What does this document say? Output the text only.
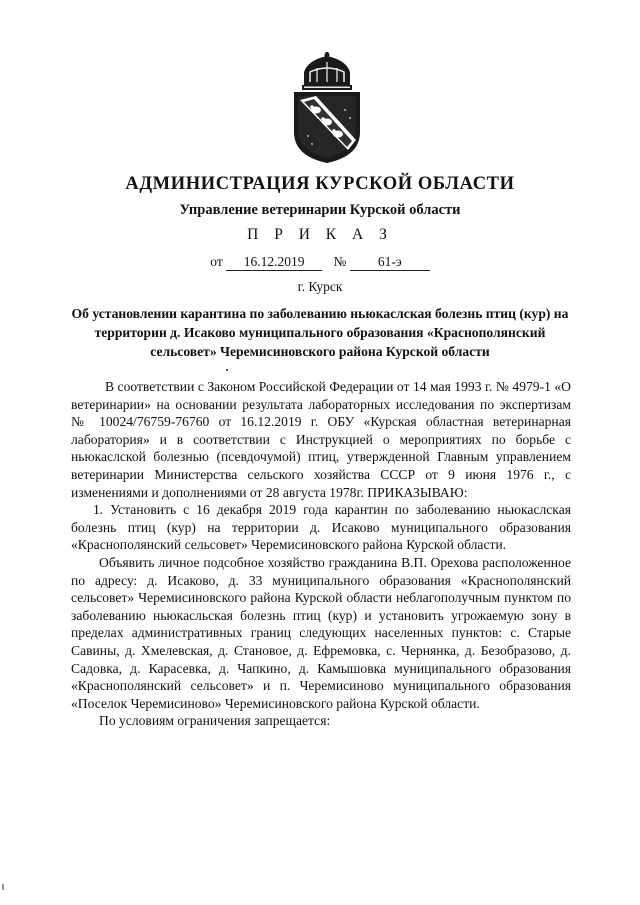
АДМИНИСТРАЦИЯ КУРСКОЙ ОБЛАСТИ
Управление ветеринарии Курской области
П Р И К А З
от 16.12.2019 № 61-э
г. Курск
Об установлении карантина по заболеванию ньюкаслская болезнь птиц (кур) на территории д. Исаково муниципального образования «Краснополянский сельсовет» Черемисиновского района Курской области

В соответствии с Законом Российской Федерации от 14 мая 1993 г. № 4979-1 «О ветеринарии» на основании результата лабораторных исследования по экспертизам № 10024/76759-76760 от 16.12.2019 г. ОБУ «Курская областная ветеринарная лаборатория» и в соответствии с Инструкцией о мероприятиях по борьбе с ньюкаслской болезнью (псевдочумой) птиц, утвержденной Главным управлением ветеринарии Министерства сельского хозяйства СССР от 9 июня 1976 г., с изменениями и дополнениями от 28 августа 1978г. ПРИКАЗЫВАЮ:

1. Установить с 16 декабря 2019 года карантин по заболеванию ньюкаслская болезнь птиц (кур) на территории д. Исаково муниципального образования «Краснополянский сельсовет» Черемисиновского района Курской области.

Объявить личное подсобное хозяйство гражданина В.П. Орехова расположенное по адресу: д. Исаково, д. 33 муниципального образования «Краснополянский сельсовет» Черемисиновского района Курской области неблагополучным пунктом по заболеванию ньюкасльская болезнь птиц (кур) и установить угрожаемую зону в пределах административных границ следующих населенных пунктов: с. Старые Савины, д. Хмелевская, д. Становое, д. Ефремовка, с. Чернянка, д. Безобразово, д. Садовка, д. Карасевка, д. Чапкино, д. Камышовка муниципального образования «Краснополянский сельсовет» и п. Черемисиново муниципального образования «Поселок Черемисиново» Черемисиновского района Курской области.

По условиям ограничения запрещается:
